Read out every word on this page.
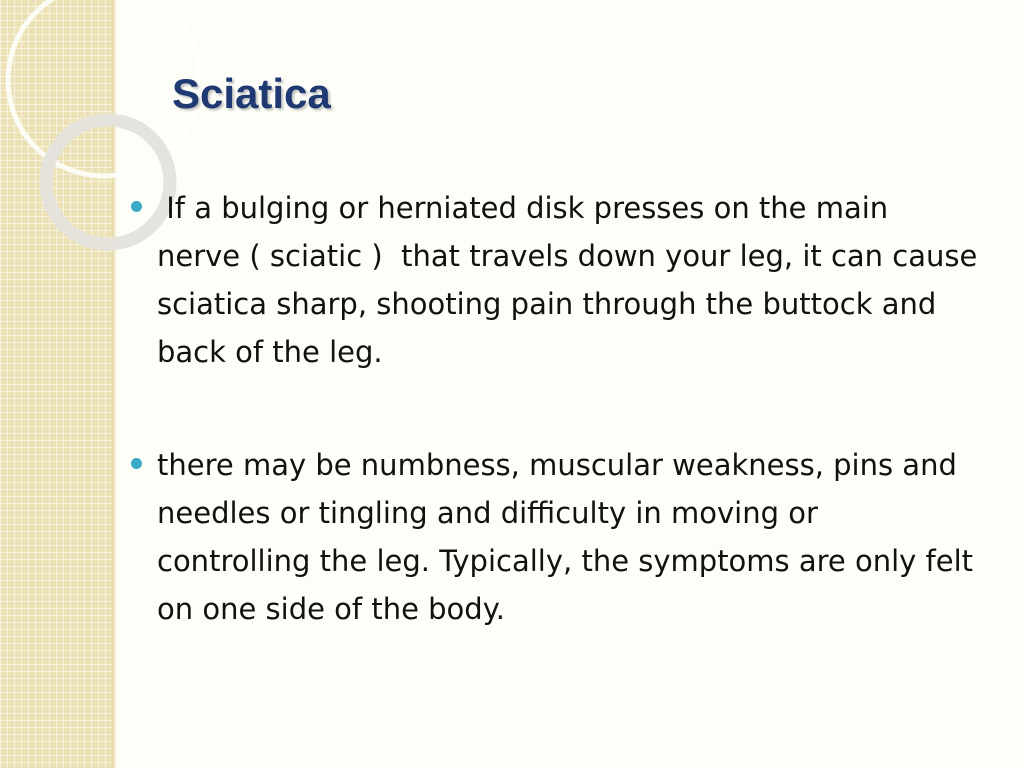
Sciatica
If a bulging or herniated disk presses on the main nerve ( sciatic )  that travels down your leg, it can cause sciatica sharp, shooting pain through the buttock and back of the leg.
there may be numbness, muscular weakness, pins and needles or tingling and difficulty in moving or controlling the leg. Typically, the symptoms are only felt on one side of the body.
